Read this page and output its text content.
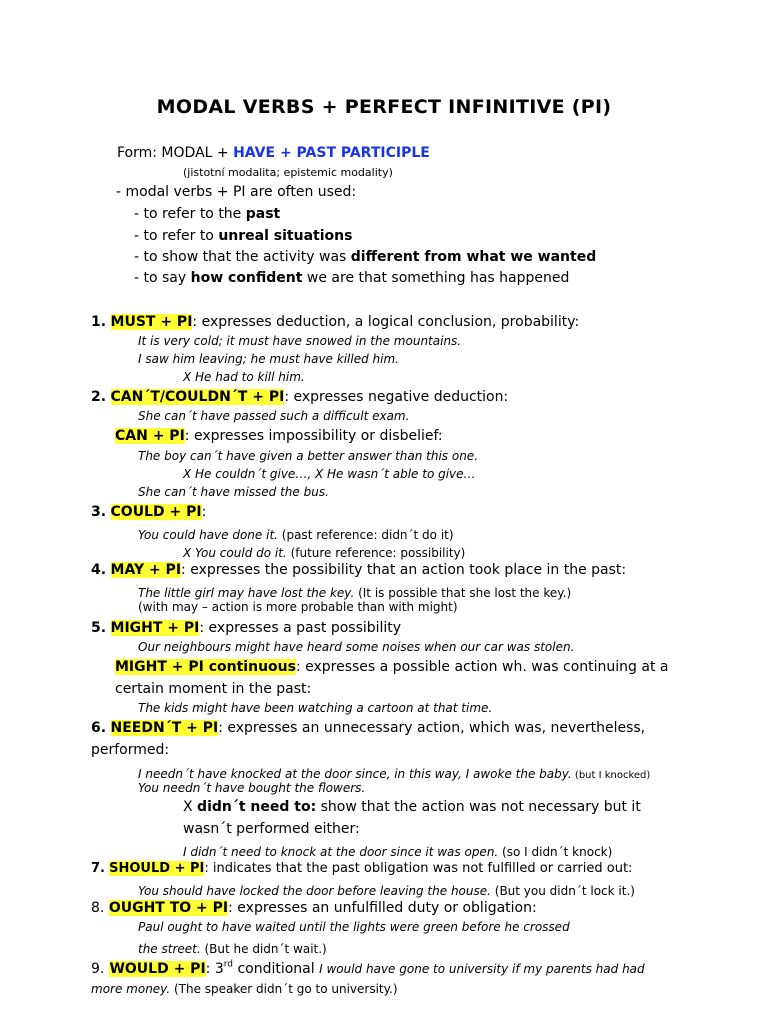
MODAL VERBS + PERFECT INFINITIVE (PI)
Form: MODAL + HAVE + PAST PARTICIPLE
(jistotní modalita; epistemic modality)
- modal verbs + PI are often used:
- to refer to the past
- to refer to unreal situations
- to show that the activity was different from what we wanted
- to say how confident we are that something has happened
1. MUST + PI: expresses deduction, a logical conclusion, probability:
It is very cold; it must have snowed in the mountains.
I saw him leaving; he must have killed him.
X He had to kill him.
2. CAN´T/COULDN´T + PI: expresses negative deduction:
She can´t have passed such a difficult exam.
CAN + PI: expresses impossibility or disbelief:
The boy can´t have given a better answer than this one.
X He couldn´t give…, X He wasn´t able to give…
She can´t have missed the bus.
3. COULD + PI:
You could have done it. (past reference: didn´t do it)
X You could do it. (future reference: possibility)
4. MAY + PI: expresses the possibility that an action took place in the past:
The little girl may have lost the key. (It is possible that she lost the key.)
(with may – action is more probable than with might)
5. MIGHT + PI: expresses a past possibility
Our neighbours might have heard some noises when our car was stolen.
MIGHT + PI continuous: expresses a possible action wh. was continuing at a
certain moment in the past:
The kids might have been watching a cartoon at that time.
6. NEEDN´T + PI: expresses an unnecessary action, which was, nevertheless,
performed:
I needn´t have knocked at the door since, in this way, I awoke the baby. (but I knocked)
You needn´t have bought the flowers.
X didn´t need to: show that the action was not necessary but it
wasn´t performed either:
I didn´t need to knock at the door since it was open. (so I didn´t knock)
7. SHOULD + PI: indicates that the past obligation was not fulfilled or carried out:
You should have locked the door before leaving the house. (But you didn´t lock it.)
8. OUGHT TO + PI: expresses an unfulfilled duty or obligation:
Paul ought to have waited until the lights were green before he crossed
the street. (But he didn´t wait.)
9. WOULD + PI: 3rd conditional I would have gone to university if my parents had had
more money. (The speaker didn´t go to university.)
